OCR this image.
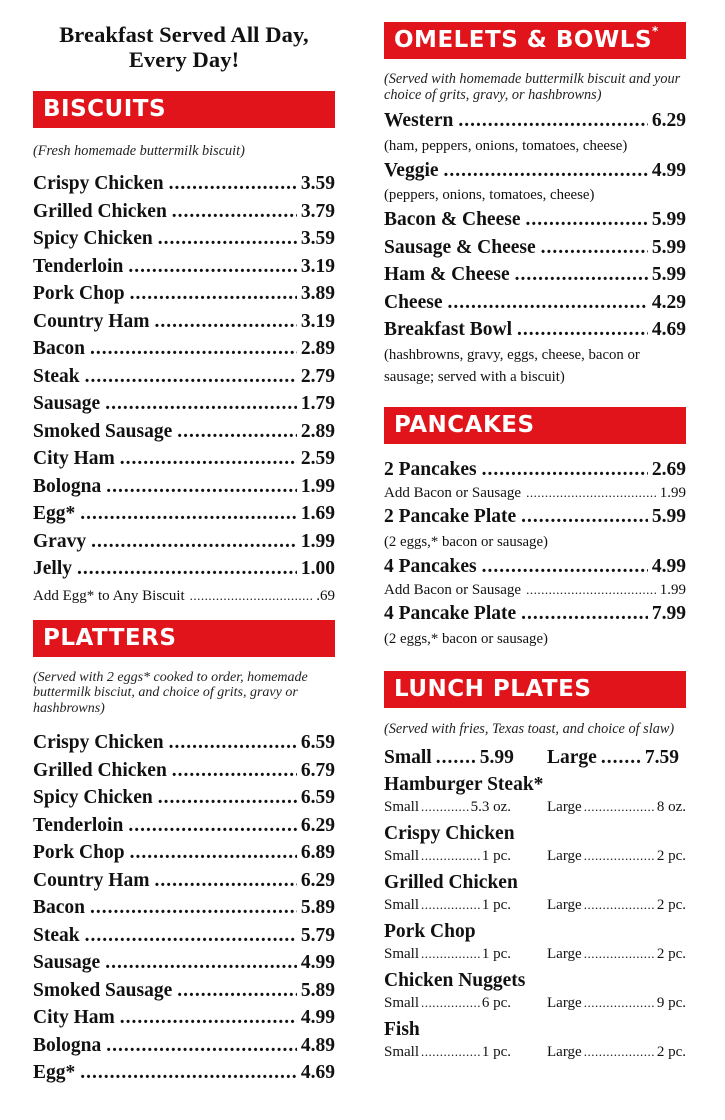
Breakfast Served All Day,
Every Day!
BISCUITS
(Fresh homemade buttermilk biscuit)
Crispy Chicken .....	3.59
Grilled Chicken .....	3.79
Spicy Chicken .....	3.59
Tenderloin .....	3.19
Pork Chop .....	3.89
Country Ham .....	3.19
Bacon .....	2.89
Steak .....	2.79
Sausage .....	1.79
Smoked Sausage .....	2.89
City Ham .....	2.59
Bologna .....	1.99
Egg* .....	1.69
Gravy .....	1.99
Jelly .....	1.00
Add Egg* to Any Biscuit .....	.69
PLATTERS
(Served with 2 eggs* cooked to order, homemade buttermilk bisciut, and choice of grits, gravy or hashbrowns)
Crispy Chicken .....	6.59
Grilled Chicken .....	6.79
Spicy Chicken .....	6.59
Tenderloin .....	6.29
Pork Chop .....	6.89
Country Ham .....	6.29
Bacon .....	5.89
Steak .....	5.79
Sausage .....	4.99
Smoked Sausage .....	5.89
City Ham .....	4.99
Bologna .....	4.89
Egg* .....	4.69
OMELETS & BOWLS *
(Served with homemade buttermilk biscuit and your choice of grits, gravy, or hashbrowns)
Western .....	6.29
(ham, peppers, onions, tomatoes, cheese)
Veggie .....	4.99
(peppers, onions, tomatoes, cheese)
Bacon & Cheese .....	5.99
Sausage & Cheese .....	5.99
Ham & Cheese .....	5.99
Cheese .....	4.29
Breakfast Bowl .....	4.69
(hashbrowns, gravy, eggs, cheese, bacon or sausage; served with a biscuit)
PANCAKES
2 Pancakes .....	2.69
Add Bacon or Sausage .....	1.99
2 Pancake Plate .....	5.99
(2 eggs,* bacon or sausage)
4 Pancakes .....	4.99
Add Bacon or Sausage .....	1.99
4 Pancake Plate .....	7.99
(2 eggs,* bacon or sausage)
LUNCH PLATES
(Served with fries, Texas toast, and choice of slaw)
Small ..... 5.99 Large ..... 7.59
Hamburger Steak*
Small .....	5.3 oz. Large .....	8 oz.
Crispy Chicken
Small .....	1 pc. Large .....	2 pc.
Grilled Chicken
Small .....	1 pc. Large .....	2 pc.
Pork Chop
Small .....	1 pc. Large .....	2 pc.
Chicken Nuggets
Small .....	6 pc. Large .....	9 pc.
Fish
Small .....	1 pc. Large .....	2 pc.
